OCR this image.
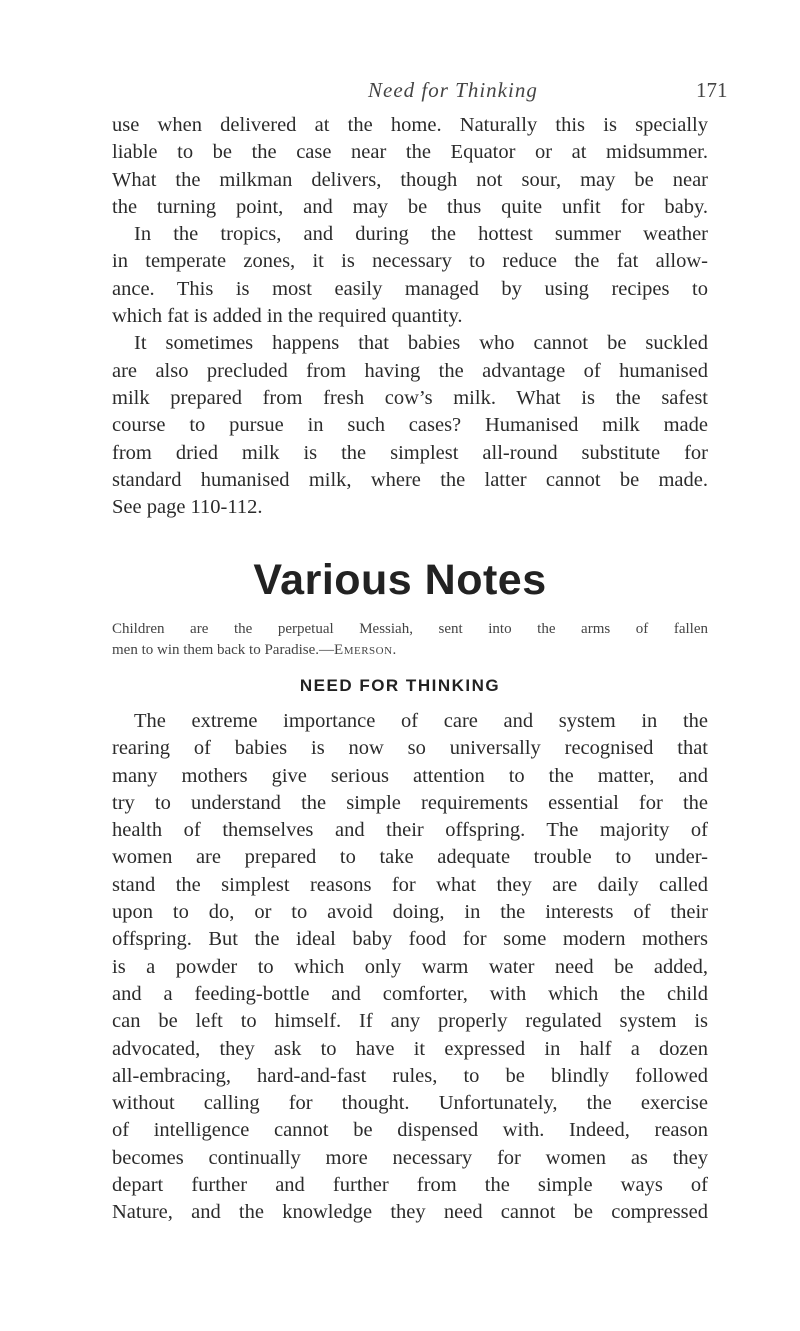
Need for Thinking	171
use when delivered at the home. Naturally this is specially
liable to be the case near the Equator or at midsummer.
What the milkman delivers, though not sour, may be near
the turning point, and may be thus quite unfit for baby.
In the tropics, and during the hottest summer weather
in temperate zones, it is necessary to reduce the fat allow-
ance. This is most easily managed by using recipes to
which fat is added in the required quantity.
It sometimes happens that babies who cannot be suckled
are also precluded from having the advantage of humanised
milk prepared from fresh cow’s milk. What is the safest
course to pursue in such cases? Humanised milk made
from dried milk is the simplest all-round substitute for
standard humanised milk, where the latter cannot be made.
See page 110-112.
Various Notes
Children are the perpetual Messiah, sent into the arms of fallen
men to win them back to Paradise.—Emerson.
NEED FOR THINKING
The extreme importance of care and system in the
rearing of babies is now so universally recognised that
many mothers give serious attention to the matter, and
try to understand the simple requirements essential for the
health of themselves and their offspring. The majority of
women are prepared to take adequate trouble to under-
stand the simplest reasons for what they are daily called
upon to do, or to avoid doing, in the interests of their
offspring. But the ideal baby food for some modern mothers
is a powder to which only warm water need be added,
and a feeding-bottle and comforter, with which the child
can be left to himself. If any properly regulated system is
advocated, they ask to have it expressed in half a dozen
all-embracing, hard-and-fast rules, to be blindly followed
without calling for thought. Unfortunately, the exercise
of intelligence cannot be dispensed with. Indeed, reason
becomes continually more necessary for women as they
depart further and further from the simple ways of
Nature, and the knowledge they need cannot be compressed
